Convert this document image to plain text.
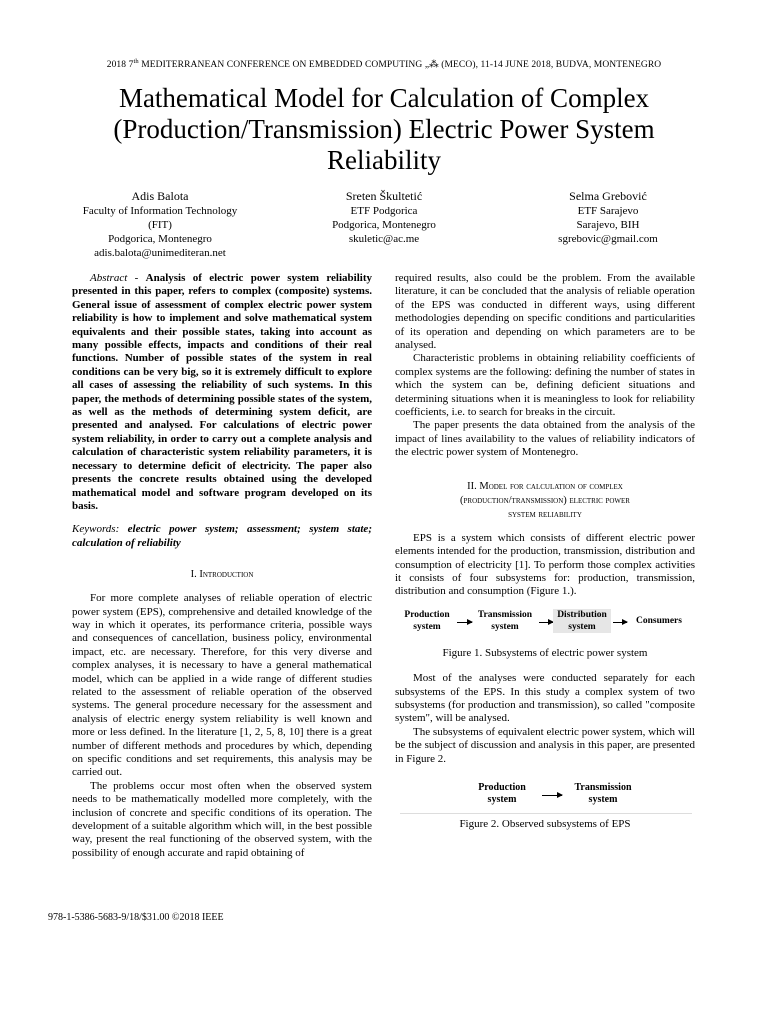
2018 7th MEDITERRANEAN CONFERENCE ON EMBEDDED COMPUTING „⁂ (MECO), 11-14 JUNE 2018, BUDVA, MONTENEGRO
Mathematical Model for Calculation of Complex
(Production/Transmission) Electric Power System
Reliability
Adis Balota
Faculty of Information Technology
(FIT)
Podgorica, Montenegro
adis.balota@unimediteran.net
Sreten Škultetić
ETF Podgorica
Podgorica, Montenegro
skuletic@ac.me
Selma Grebović
ETF Sarajevo
Sarajevo, BIH
sgrebovic@gmail.com

Abstract - Analysis of electric power system reliability presented in this paper, refers to complex (composite) systems. General issue of assessment of complex electric power system reliability is how to implement and solve mathematical system equivalents and their possible states, taking into account as many possible effects, impacts and conditions of their real functions. Number of possible states of the system in real conditions can be very big, so it is extremely difficult to explore all cases of assessing the reliability of such systems. In this paper, the methods of determining possible states of the system, as well as the methods of determining system deficit, are presented and analysed. For calculations of electric power system reliability, in order to carry out a complete analysis and calculation of characteristic system reliability parameters, it is necessary to determine deficit of electricity. The paper also presents the concrete results obtained using the developed mathematical model and software program developed on its basis.

Keywords: electric power system; assessment; system state; calculation of reliability

I. Introduction

For more complete analyses of reliable operation of electric power system (EPS), comprehensive and detailed knowledge of the way in which it operates, its performance criteria, possible ways and consequences of cancellation, business policy, environmental impact, etc. are necessary. Therefore, for this very diverse and complex analyses, it is necessary to have a general mathematical model, which can be applied in a wide range of different studies related to the assessment of reliable operation of the observed systems. The general procedure necessary for the assessment and analysis of electric energy system reliability is well known and more or less defined. In the literature [1, 2, 5, 8, 10] there is a great number of different methods and procedures by which, depending on specific conditions and set requirements, this analysis may be carried out.

The problems occur most often when the observed system needs to be mathematically modelled more completely, with the inclusion of concrete and specific conditions of its operation. The development of a suitable algorithm which will, in the best possible way, present the real functioning of the observed system, with the possibility of enough accurate and rapid obtaining of

required results, also could be the problem. From the available literature, it can be concluded that the analysis of reliable operation of the EPS was conducted in different ways, using different methodologies depending on specific conditions and particularities of its operation and depending on which parameters are to be analysed.

Characteristic problems in obtaining reliability coefficients of complex systems are the following: defining the number of states in which the system can be, defining deficient situations and determining situations when it is meaningless to look for reliability coefficients, i.e. to search for breaks in the circuit.

The paper presents the data obtained from the analysis of the impact of lines availability to the values of reliability indicators of the electric power system of Montenegro.

II. Model for calculation of complex
(production/transmission) electric power
system reliability

EPS is a system which consists of different electric power elements intended for the production, transmission, distribution and consumption of electricity [1]. To perform those complex activities it consists of four subsystems for: production, transmission, distribution and consumption (Figure 1.).

Production
system
Transmission
system
Distribution
system
Consumers
Figure 1. Subsystems of electric power system

Most of the analyses were conducted separately for each subsystems of the EPS. In this study a complex system of two subsystems (for production and transmission), so called "composite system", will be analysed.

The subsystems of equivalent electric power system, which will be the subject of discussion and analysis in this paper, are presented in Figure 2.

Production
system
Transmission
system
Figure 2. Observed subsystems of EPS
978-1-5386-5683-9/18/$31.00 ©2018 IEEE
